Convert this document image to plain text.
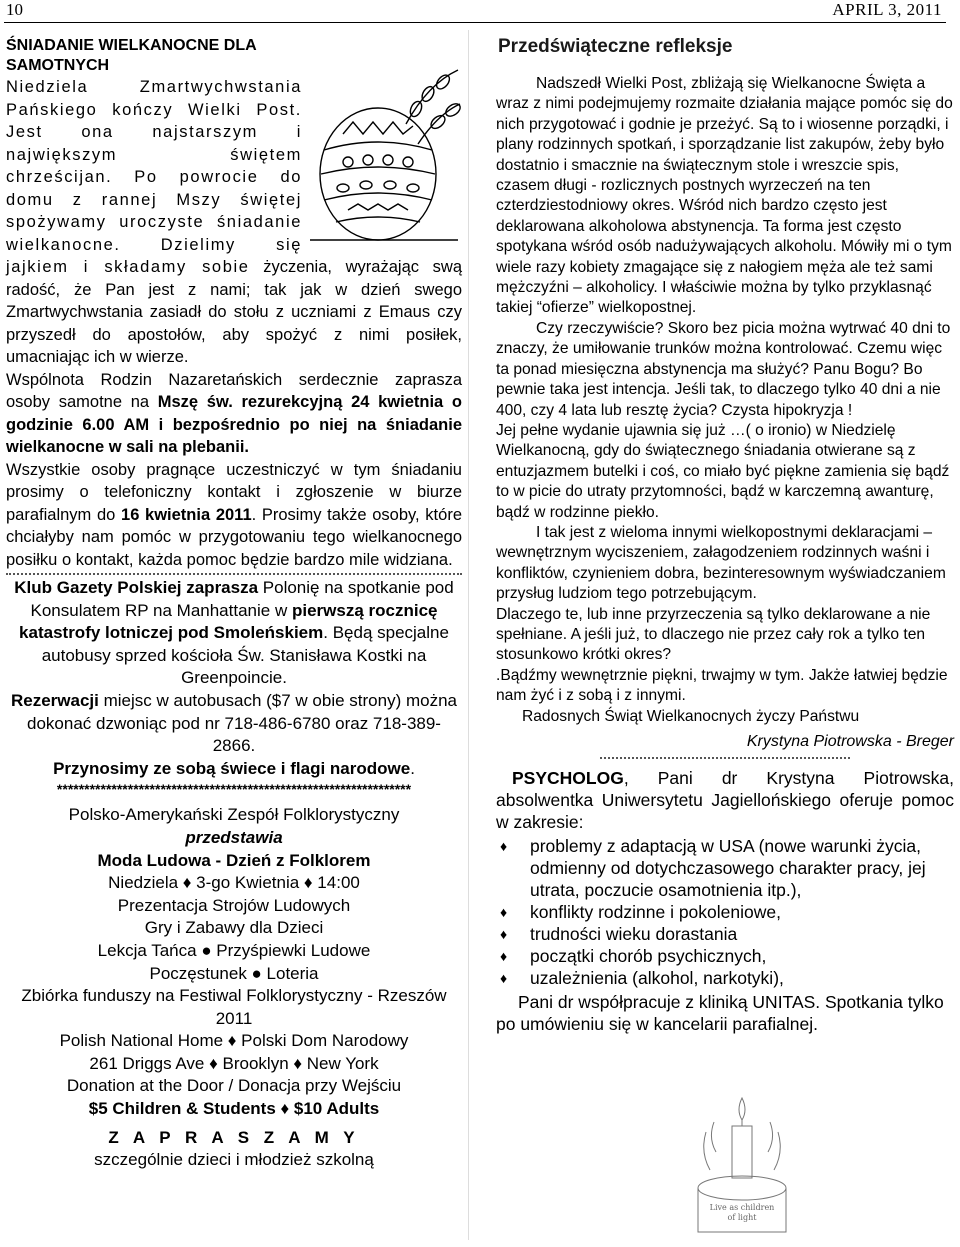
10	APRIL 3, 2011
ŚNIADANIE WIELKANOCNE DLA SAMOTNYCH

Niedziela Zmartwychwstania Pańskiego kończy Wielki Post. Jest ona najstarszym i największym świętem chrześcijan. Po powrocie do domu z rannej Mszy świętej spożywamy uroczyste śniadanie wielkanocne. Dzielimy się jajkiem i składamy sobie życzenia, wyrażając swą radość, że Pan jest z nami; tak jak w dzień swego Zmartwychwstania zasiadł do stołu z uczniami z Emaus czy przyszedł do apostołów, aby spożyć z nimi posiłek, umacniając ich w wierze.

Wspólnota Rodzin Nazaretańskich serdecznie zaprasza osoby samotne na Mszę św. rezurekcyjną 24 kwietnia o godzinie 6.00 AM i bezpośrednio po niej na śniadanie wielkanocne w sali na plebanii.

Wszystkie osoby pragnące uczestniczyć w tym śniadaniu prosimy o telefoniczny kontakt i zgłoszenie w biurze parafialnym do 16 kwietnia 2011. Prosimy także osoby, które chciałyby nam pomóc w przygotowaniu tego wielkanocnego posiłku o kontakt, każda pomoc będzie bardzo mile widziana.

Klub Gazety Polskiej zaprasza Polonię na spotkanie pod Konsulatem RP na Manhattanie w pierwszą rocznicę katastrofy lotniczej pod Smoleńskiem. Będą specjalne autobusy sprzed kościoła Św. Stanisława Kostki na Greenpoincie.

Rezerwacji miejsc w autobusach ($7 w obie strony) można dokonać dzwoniąc pod nr 718-486-6780 oraz 718-389-2866.

Przynosimy ze sobą świece i flagi narodowe.

*****************************************************************

Polsko-Amerykański Zespół Folklorystyczny

przedstawia

Moda Ludowa - Dzień z Folklorem

Niedziela ♦ 3-go Kwietnia ♦ 14:00

Prezentacja Strojów Ludowych

Gry i Zabawy dla Dzieci

Lekcja Tańca ● Przyśpiewki Ludowe

Poczęstunek ● Loteria

Zbiórka funduszy na Festiwal Folklorystyczny - Rzeszów 2011

Polish National Home ♦ Polski Dom Narodowy

261 Driggs Ave ♦ Brooklyn ♦ New York

Donation at the Door / Donacja przy Wejściu

$5 Children & Students ♦ $10 Adults

Z A P R A S Z A M Y

szczególnie dzieci i młodzież szkolną

Przedświąteczne refleksje

Nadszedł Wielki Post, zbliżają się Wielkanocne Święta a wraz z nimi podejmujemy rozmaite działania mające pomóc się do nich przygotować i godnie je przeżyć. Są to i wiosenne porządki, i plany rodzinnych spotkań, i sporządzanie list zakupów, żeby było dostatnio i smacznie na świątecznym stole i wreszcie spis, czasem długi - rozlicznych postnych wyrzeczeń na ten czterdziestodniowy okres. Wśród nich bardzo często jest deklarowana alkoholowa abstynencja. Ta forma jest często spotykana wśród osób nadużywających alkoholu. Mówiły mi o tym wiele razy kobiety zmagające się z nałogiem męża ale też sami mężczyźni – alkoholicy. I właściwie można by tylko przyklasnąć takiej “ofierze” wielkopostnej.

Czy rzeczywiście? Skoro bez picia można wytrwać 40 dni to znaczy, że umiłowanie trunków można kontrolować. Czemu więc ta ponad miesięczna abstynencja ma służyć? Panu Bogu? Bo pewnie taka jest intencja. Jeśli tak, to dlaczego tylko 40 dni a nie 400, czy 4 lata lub resztę życia? Czysta hipokryzja !

Jej pełne wydanie ujawnia się już …( o ironio) w Niedzielę Wielkanocną, gdy do świątecznego śniadania otwierane są z entuzjazmem butelki i coś, co miało być piękne zamienia się bądź to w picie do utraty przytomności, bądź w karczemną awanturę, bądź w rodzinne piekło.

I tak jest z wieloma innymi wielkopostnymi deklaracjami – wewnętrznym wyciszeniem, załagodzeniem rodzinnych waśni i konfliktów, czynieniem dobra, bezinteresownym wyświadczaniem przysług ludziom tego potrzebującym.

Dlaczego te, lub inne przyrzeczenia są tylko deklarowane a nie spełniane. A jeśli już, to dlaczego nie przez cały rok a tylko ten stosunkowo krótki okres?

.Bądźmy wewnętrznie piękni, trwajmy w tym. Jakże łatwiej będzie nam żyć i z sobą i z innymi.

Radosnych Świąt Wielkanocnych życzy Państwu

Krystyna Piotrowska - Breger

PSYCHOLOG, Pani dr Krystyna Piotrowska, absolwentka Uniwersytetu Jagiellońskiego oferuje pomoc w zakresie:

♦ problemy z adaptacją w USA (nowe warunki życia, odmienny od dotychczasowego charakter pracy, jej utrata, poczucie osamotnienia itp.),
♦ konflikty rodzinne i pokoleniowe,
♦ trudności wieku dorastania
♦ początki chorób psychicznych,
♦ uzależnienia (alkohol, narkotyki),

Pani dr współpracuje z kliniką UNITAS. Spotkania tylko po umówieniu się w kancelarii parafialnej.

Live as children
of light
